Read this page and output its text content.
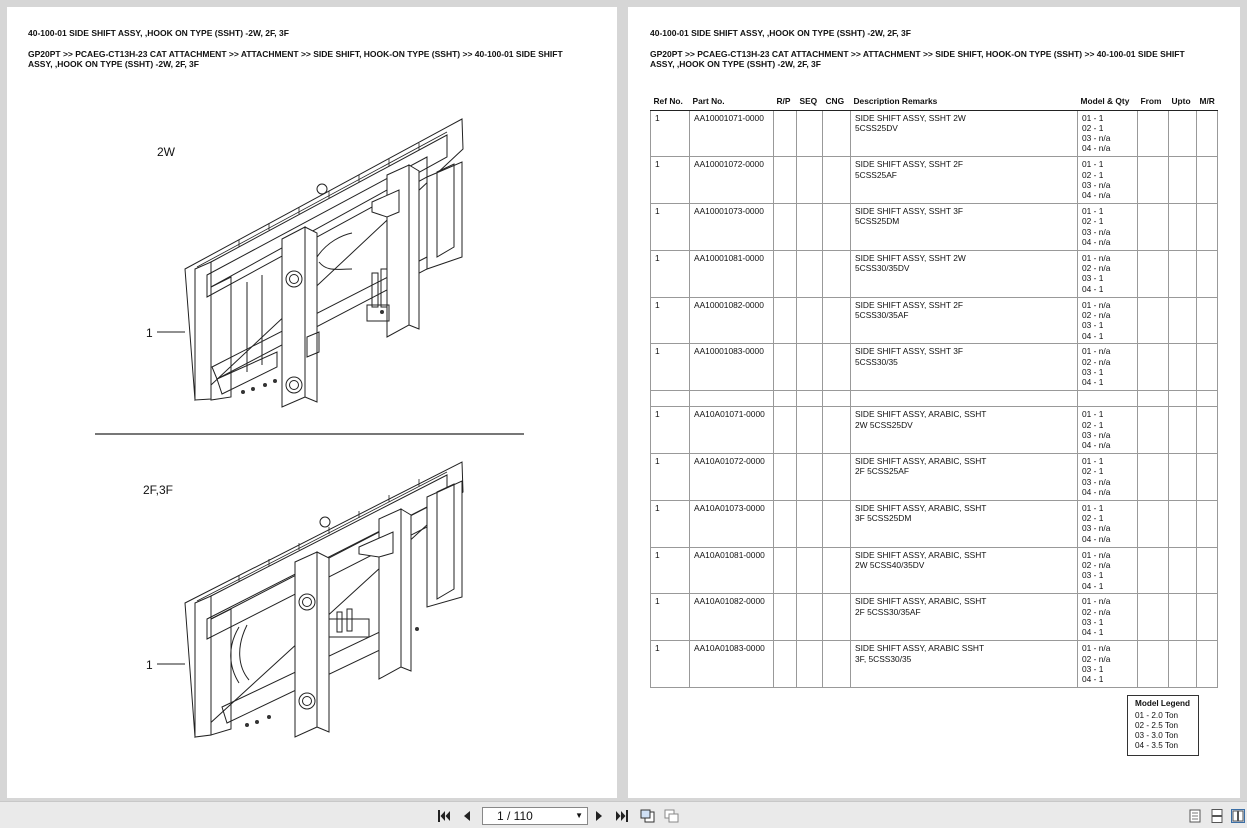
40-100-01 SIDE SHIFT ASSY, ,HOOK ON TYPE (SSHT) -2W, 2F, 3F
GP20PT >> PCAEG-CT13H-23 CAT ATTACHMENT >> ATTACHMENT >> SIDE SHIFT, HOOK-ON TYPE (SSHT) >> 40-100-01 SIDE SHIFT
ASSY, ,HOOK ON TYPE (SSHT) -2W, 2F, 3F
2W
1
2F,3F
1
40-100-01 SIDE SHIFT ASSY, ,HOOK ON TYPE (SSHT) -2W, 2F, 3F
GP20PT >> PCAEG-CT13H-23 CAT ATTACHMENT >> ATTACHMENT >> SIDE SHIFT, HOOK-ON TYPE (SSHT) >> 40-100-01 SIDE SHIFT
ASSY, ,HOOK ON TYPE (SSHT) -2W, 2F, 3F
Ref No.	Part No.	R/P	SEQ	CNG	Description Remarks	Model & Qty	From	Upto	M/R

1	AA10001071-0000				SIDE SHIFT ASSY, SSHT 2W
5CSS25DV	01 - 1
02 - 1
03 - n/a
04 - n/a			

1	AA10001072-0000				SIDE SHIFT ASSY, SSHT 2F
5CSS25AF	01 - 1
02 - 1
03 - n/a
04 - n/a			

1	AA10001073-0000				SIDE SHIFT ASSY, SSHT 3F
5CSS25DM	01 - 1
02 - 1
03 - n/a
04 - n/a			

1	AA10001081-0000				SIDE SHIFT ASSY, SSHT 2W
5CSS30/35DV	01 - n/a
02 - n/a
03 - 1
04 - 1			

1	AA10001082-0000				SIDE SHIFT ASSY, SSHT 2F
5CSS30/35AF	01 - n/a
02 - n/a
03 - 1
04 - 1			

1	AA10001083-0000				SIDE SHIFT ASSY, SSHT 3F
5CSS30/35	01 - n/a
02 - n/a
03 - 1
04 - 1			

1	AA10A01071-0000				SIDE SHIFT ASSY, ARABIC, SSHT
2W 5CSS25DV	01 - 1
02 - 1
03 - n/a
04 - n/a			

1	AA10A01072-0000				SIDE SHIFT ASSY, ARABIC, SSHT
2F 5CSS25AF	01 - 1
02 - 1
03 - n/a
04 - n/a			

1	AA10A01073-0000				SIDE SHIFT ASSY, ARABIC, SSHT
3F 5CSS25DM	01 - 1
02 - 1
03 - n/a
04 - n/a			

1	AA10A01081-0000				SIDE SHIFT ASSY, ARABIC, SSHT
2W 5CSS40/35DV	01 - n/a
02 - n/a
03 - 1
04 - 1			

1	AA10A01082-0000				SIDE SHIFT ASSY, ARABIC, SSHT
2F 5CSS30/35AF	01 - n/a
02 - n/a
03 - 1
04 - 1			

1	AA10A01083-0000				SIDE SHIFT ASSY, ARABIC SSHT
3F, 5CSS30/35	01 - n/a
02 - n/a
03 - 1
04 - 1			

Model Legend
01 - 2.0 Ton
02 - 2.5 Ton
03 - 3.0 Ton
04 - 3.5 Ton
1 / 110	▼
